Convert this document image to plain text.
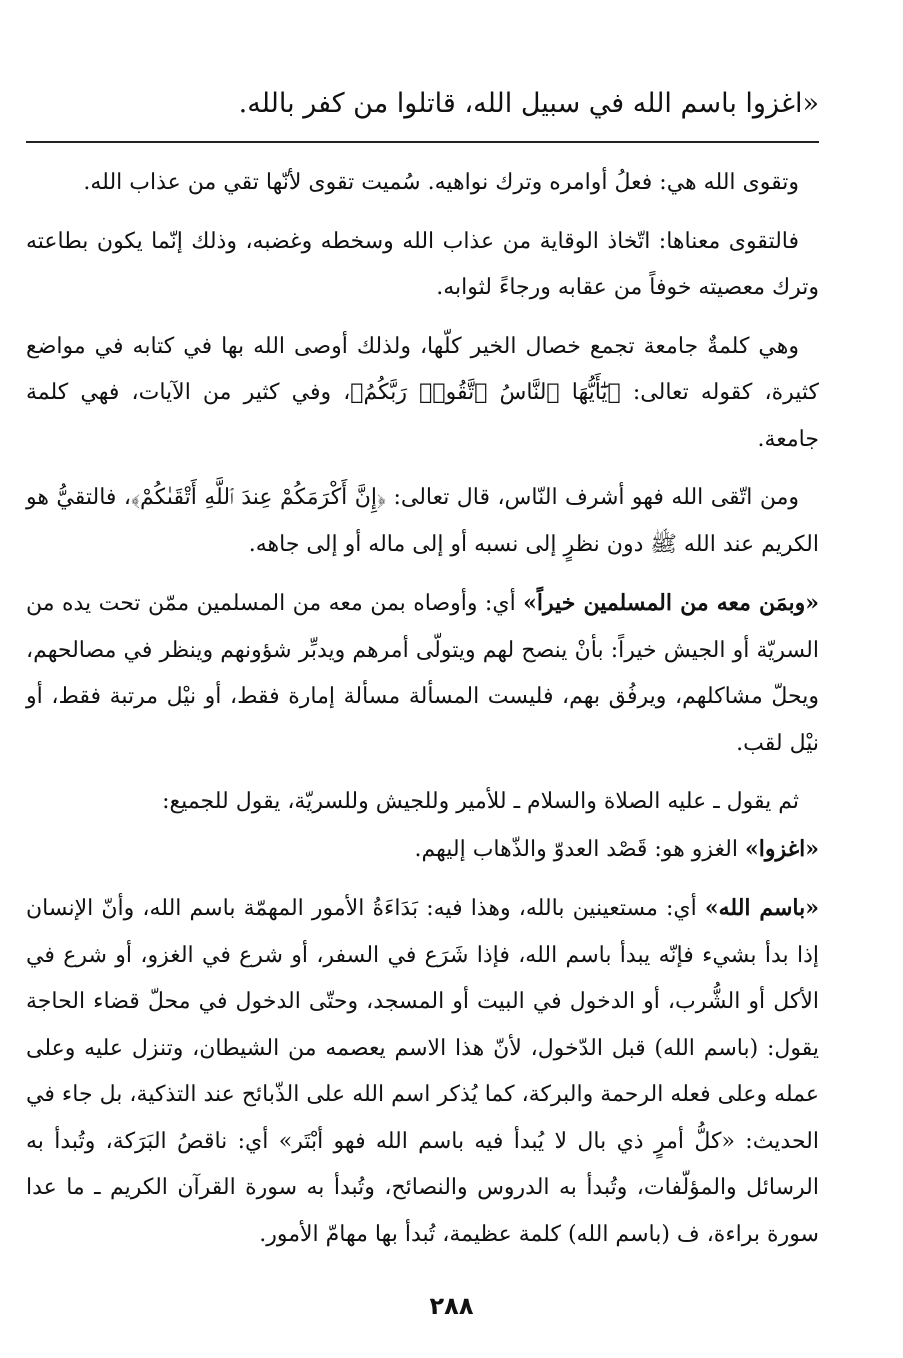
«اغزوا باسم الله في سبيل الله، قاتلوا من كفر بالله.

وتقوى الله هي: فعلُ أوامره وترك نواهيه. سُميت تقوى لأنّها تقي من عذاب الله.

فالتقوى معناها: اتّخاذ الوقاية من عذاب الله وسخطه وغضبه، وذلك إنّما يكون بطاعته وترك معصيته خوفاً من عقابه ورجاءً لثوابه.

وهي كلمةٌ جامعة تجمع خصال الخير كلّها، ولذلك أوصى الله بها في كتابه في مواضع كثيرة، كقوله تعالى: ﴿يَٰٓأَيُّهَا ٱلنَّاسُ ٱتَّقُوا۟ رَبَّكُمُ﴾، وفي كثير من الآيات، فهي كلمة جامعة.

ومن اتّقى الله فهو أشرف النّاس، قال تعالى: ﴿إِنَّ أَكْرَمَكُمْ عِندَ ٱللَّهِ أَتْقَىٰكُمْ﴾، فالتقيُّ هو الكريم عند الله ﷺ دون نظرٍ إلى نسبه أو إلى ماله أو إلى جاهه.

«وبمَن معه من المسلمين خيراً» أي: وأوصاه بمن معه من المسلمين ممّن تحت يده من السريّة أو الجيش خيراً: بأنْ ينصح لهم ويتولّى أمرهم ويدبِّر شؤونهم وينظر في مصالحهم، ويحلّ مشاكلهم، ويرفُق بهم، فليست المسألة مسألة إمارة فقط، أو نيْل مرتبة فقط، أو نيْل لقب.

ثم يقول ـ عليه الصلاة والسلام ـ للأمير وللجيش وللسريّة، يقول للجميع:

«اغزوا» الغزو هو: قَصْد العدوّ والذّهاب إليهم.

«باسم الله» أي: مستعينين بالله، وهذا فيه: بَدَاءَةُ الأمور المهمّة باسم الله، وأنّ الإنسان إذا بدأ بشيء فإنّه يبدأ باسم الله، فإذا شَرَع في السفر، أو شرع في الغزو، أو شرع في الأكل أو الشُّرب، أو الدخول في البيت أو المسجد، وحتّى الدخول في محلّ قضاء الحاجة يقول: (باسم الله) قبل الدّخول، لأنّ هذا الاسم يعصمه من الشيطان، وتنزل عليه وعلى عمله وعلى فعله الرحمة والبركة، كما يُذكر اسم الله على الذّبائح عند التذكية، بل جاء في الحديث: «كلُّ أمرٍ ذي بال لا يُبدأ فيه باسم الله فهو أبْتَر» أي: ناقصُ البَرَكة، وتُبدأ به الرسائل والمؤلّفات، وتُبدأ به الدروس والنصائح، وتُبدأ به سورة القرآن الكريم ـ ما عدا سورة براءة، ف (باسم الله) كلمة عظيمة، تُبدأ بها مهامّ الأمور.

٢٨٨
